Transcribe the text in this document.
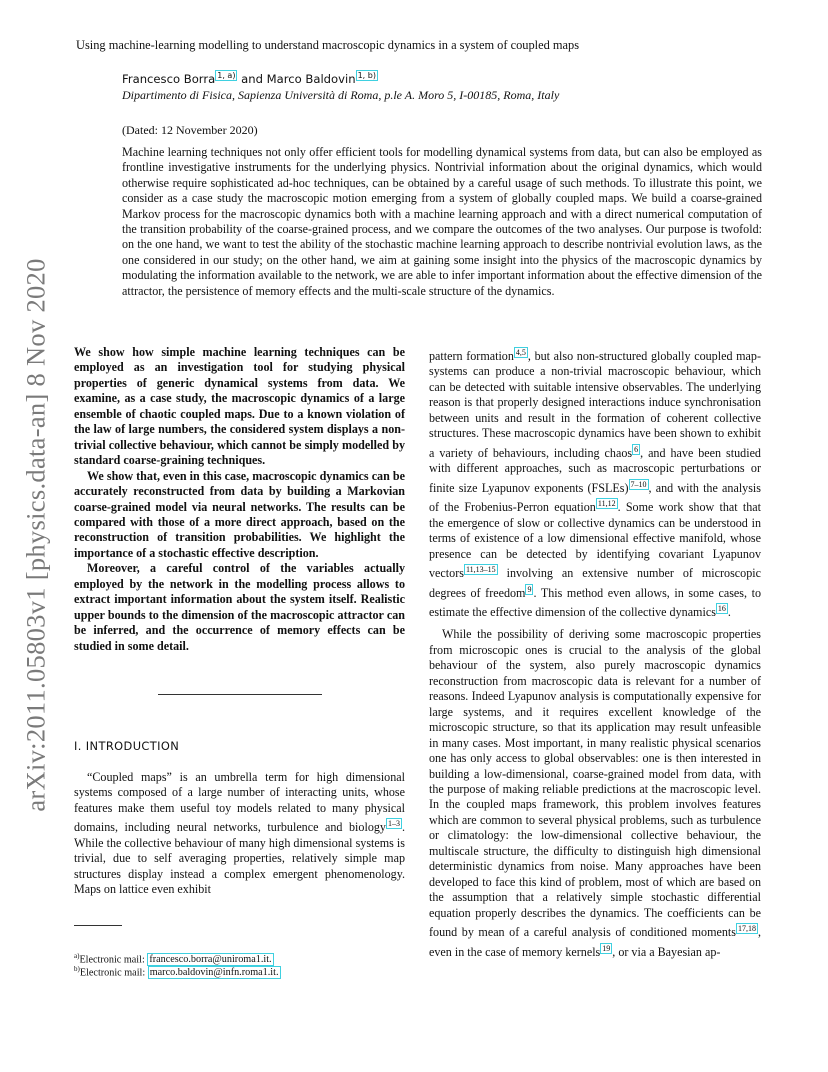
Using machine-learning modelling to understand macroscopic dynamics in a system of coupled maps
Francesco Borra $^{1, a)}$ and Marco Baldovin $^{1, b)}$
Dipartimento di Fisica, Sapienza Università di Roma, p.le A. Moro 5, I-00185, Roma, Italy
(Dated: 12 November 2020)
Machine learning techniques not only offer efficient tools for modelling dynamical systems from data, but can also be employed as frontline investigative instruments for the underlying physics. Nontrivial information about the original dynamics, which would otherwise require sophisticated ad-hoc techniques, can be obtained by a careful usage of such methods. To illustrate this point, we consider as a case study the macroscopic motion emerging from a system of globally coupled maps. We build a coarse-grained Markov process for the macroscopic dynamics both with a machine learning approach and with a direct numerical computation of the transition probability of the coarse-grained process, and we compare the outcomes of the two analyses. Our purpose is twofold: on the one hand, we want to test the ability of the stochastic machine learning approach to describe nontrivial evolution laws, as the one considered in our study; on the other hand, we aim at gaining some insight into the physics of the macroscopic dynamics by modulating the information available to the network, we are able to infer important information about the effective dimension of the attractor, the persistence of memory effects and the multi-scale structure of the dynamics.
arXiv:2011.05803v1 [physics.data-an] 8 Nov 2020 We show how simple machine learning techniques can be employed as an investigation tool for studying physical properties of generic dynamical systems from data. We examine, as a case study, the macroscopic dynamics of a large ensemble of chaotic coupled maps. Due to a known violation of the law of large numbers, the considered system displays a non-trivial collective behaviour, which cannot be simply modelled by standard coarse-graining techniques.

We show that, even in this case, macroscopic dynamics can be accurately reconstructed from data by building a Markovian coarse-grained model via neural networks. The results can be compared with those of a more direct approach, based on the reconstruction of transition probabilities. We highlight the importance of a stochastic effective description.

Moreover, a careful control of the variables actually employed by the network in the modelling process allows to extract important information about the system itself. Realistic upper bounds to the dimension of the macroscopic attractor can be inferred, and the occurrence of memory effects can be studied in some detail.

I. INTRODUCTION

“Coupled maps” is an umbrella term for high dimensional systems composed of a large number of interacting units, whose features make them useful toy models related to many physical domains, including neural networks, turbulence and biology $^{1-3}$ . While the collective behaviour of many high dimensional systems is trivial, due to self averaging properties, relatively simple map structures display instead a complex emergent phenomenology. Maps on lattice even exhibit

$^{a)}$Electronic mail: francesco.borra@uniroma1.it.
$^{b)}$Electronic mail: marco.baldovin@infn.roma1.it.

pattern formation $^{4,5}$ , but also non-structured globally coupled map-systems can produce a non-trivial macroscopic behaviour, which can be detected with suitable intensive observables. The underlying reason is that properly designed interactions induce synchronisation between units and result in the formation of coherent collective structures. These macroscopic dynamics have been shown to exhibit a variety of behaviours, including chaos $^6$ , and have been studied with different approaches, such as macroscopic perturbations or finite size Lyapunov exponents (FSLEs) $^{7-10}$ , and with the analysis of the Frobenius-Perron equation $^{11,12}$ . Some work show that that the emergence of slow or collective dynamics can be understood in terms of existence of a low dimensional effective manifold, whose presence can be detected by identifying covariant Lyapunov vectors $^{11,13-15}$ involving an extensive number of microscopic degrees of freedom $^9$ . This method even allows, in some cases, to estimate the effective dimension of the collective dynamics $^{16}$ .

While the possibility of deriving some macroscopic properties from microscopic ones is crucial to the analysis of the global behaviour of the system, also purely macroscopic dynamics reconstruction from macroscopic data is relevant for a number of reasons. Indeed Lyapunov analysis is computationally expensive for large systems, and it requires excellent knowledge of the microscopic structure, so that its application may result unfeasible in many cases. Most important, in many realistic physical scenarios one has only access to global observables: one is then interested in building a low-dimensional, coarse-grained model from data, with the purpose of making reliable predictions at the macroscopic level. In the coupled maps framework, this problem involves features which are common to several physical problems, such as turbulence or climatology: the low-dimensional collective behaviour, the multiscale structure, the difficulty to distinguish high dimensional deterministic dynamics from noise. Many approaches have been developed to face this kind of problem, most of which are based on the assumption that a relatively simple stochastic differential equation properly describes the dynamics. The coefficients can be found by mean of a careful analysis of conditioned moments $^{17,18}$ , even in the case of memory kernels $^{19}$ , or via a Bayesian ap-
